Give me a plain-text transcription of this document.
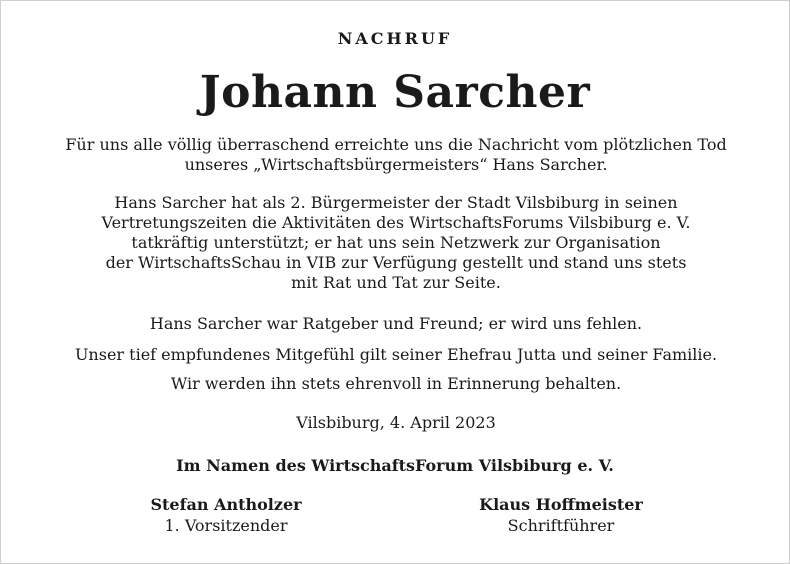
NACHRUF
Johann Sarcher
Für uns alle völlig überraschend erreichte uns die Nachricht vom plötzlichen Tod
unseres „Wirtschaftsbürgermeisters“ Hans Sarcher.
Hans Sarcher hat als 2. Bürgermeister der Stadt Vilsbiburg in seinen
Vertretungszeiten die Aktivitäten des WirtschaftsForums Vilsbiburg e. V.
tatkräftig unterstützt; er hat uns sein Netzwerk zur Organisation
der WirtschaftsSchau in VIB zur Verfügung gestellt und stand uns stets
mit Rat und Tat zur Seite.
Hans Sarcher war Ratgeber und Freund; er wird uns fehlen.
Unser tief empfundenes Mitgefühl gilt seiner Ehefrau Jutta und seiner Familie.
Wir werden ihn stets ehrenvoll in Erinnerung behalten.
Vilsbiburg, 4. April 2023
Im Namen des WirtschaftsForum Vilsbiburg e. V.
Stefan Antholzer
1. Vorsitzender
Klaus Hoffmeister
Schriftführer
